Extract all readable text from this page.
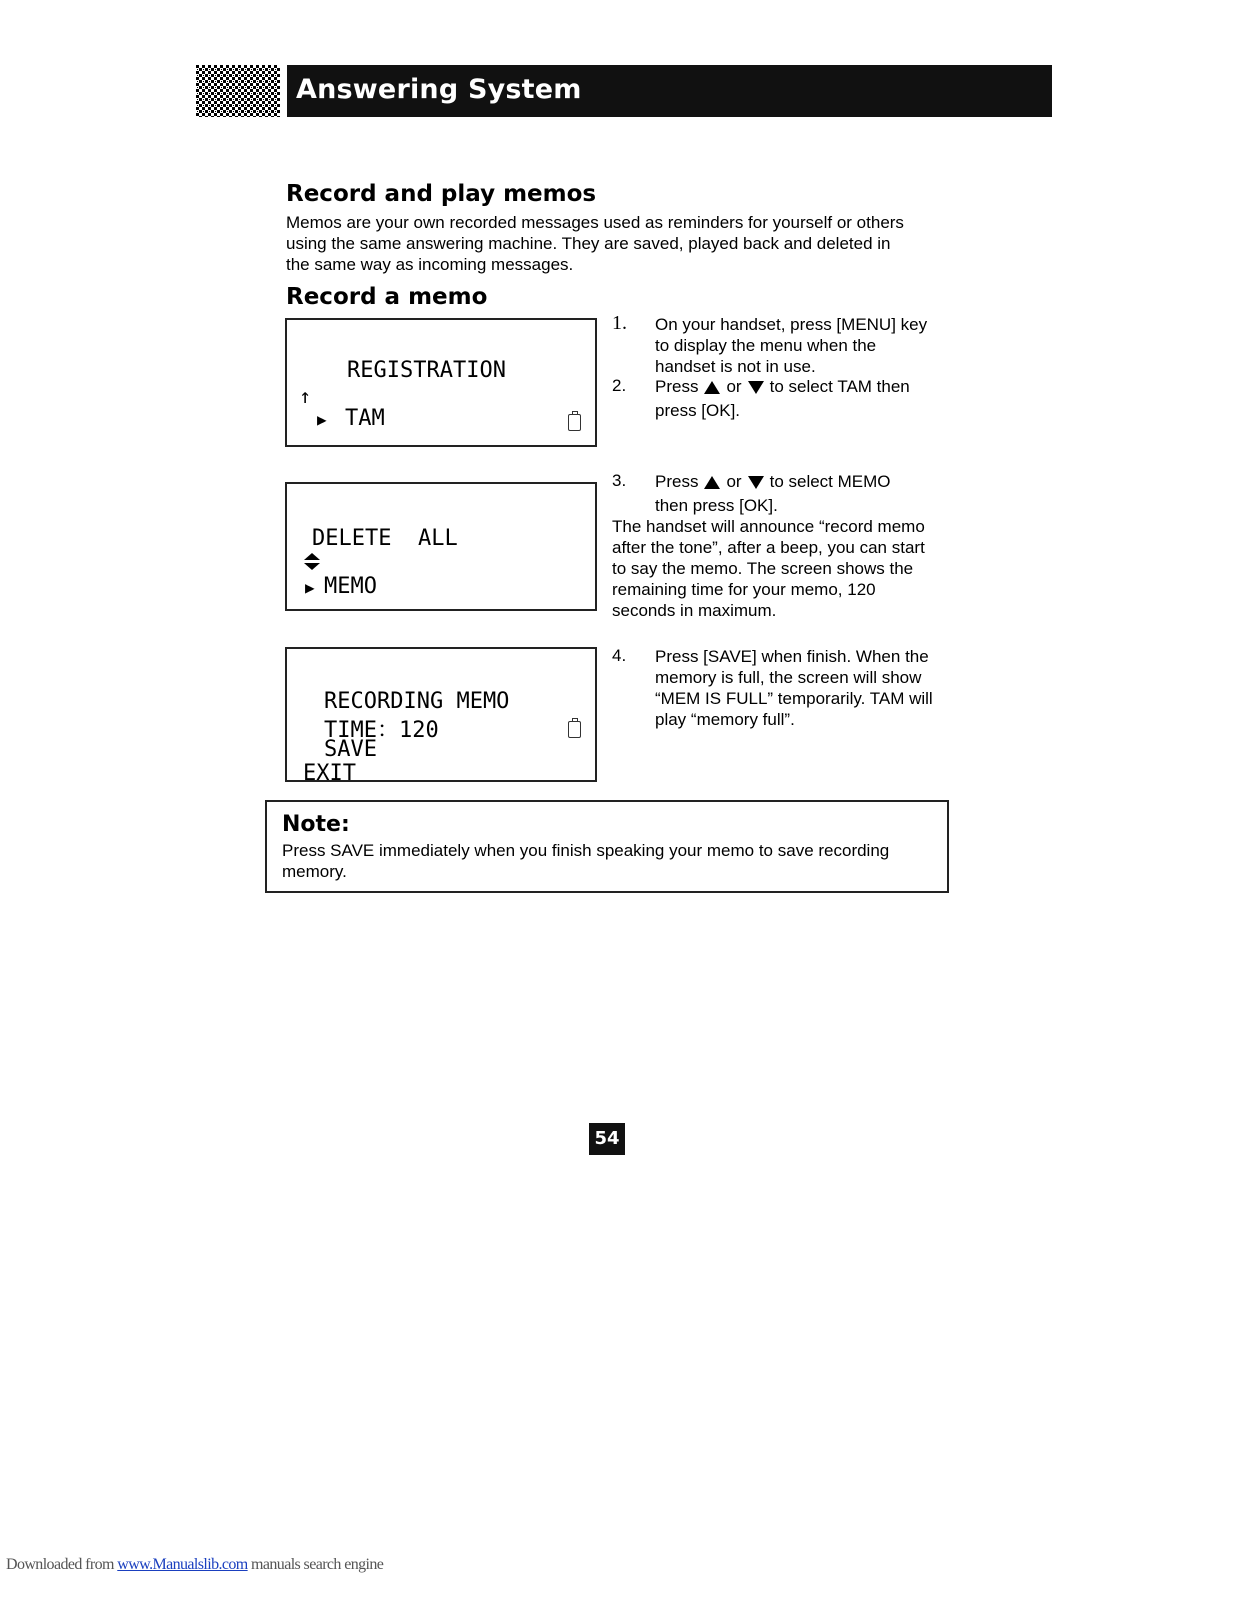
Answering System
Record and play memos
Memos are your own recorded messages used as reminders for yourself or others
using the same answering machine. They are saved, played back and deleted in
the same way as incoming messages.
Record a memo
REGISTRATION
↑
▶ TAM
DELETE  ALL
▶ MEMO
RECORDING MEMO
TIME：120
SAVE
EXIT
1. On your handset, press [MENU] key
to display the menu when the
handset is not in use.
2. Press or to select TAM then
press [OK].
3. Press or to select MEMO
then press [OK].
The handset will announce “record memo
after the tone”, after a beep, you can start
to say the memo. The screen shows the
remaining time for your memo, 120
seconds in maximum.
4. Press [SAVE] when finish. When the
memory is full, the screen will show
“MEM IS FULL” temporarily. TAM will
play “memory full”.
Note:
Press SAVE immediately when you finish speaking your memo to save recording
memory.
54
Downloaded from www.Manualslib.com manuals search engine
